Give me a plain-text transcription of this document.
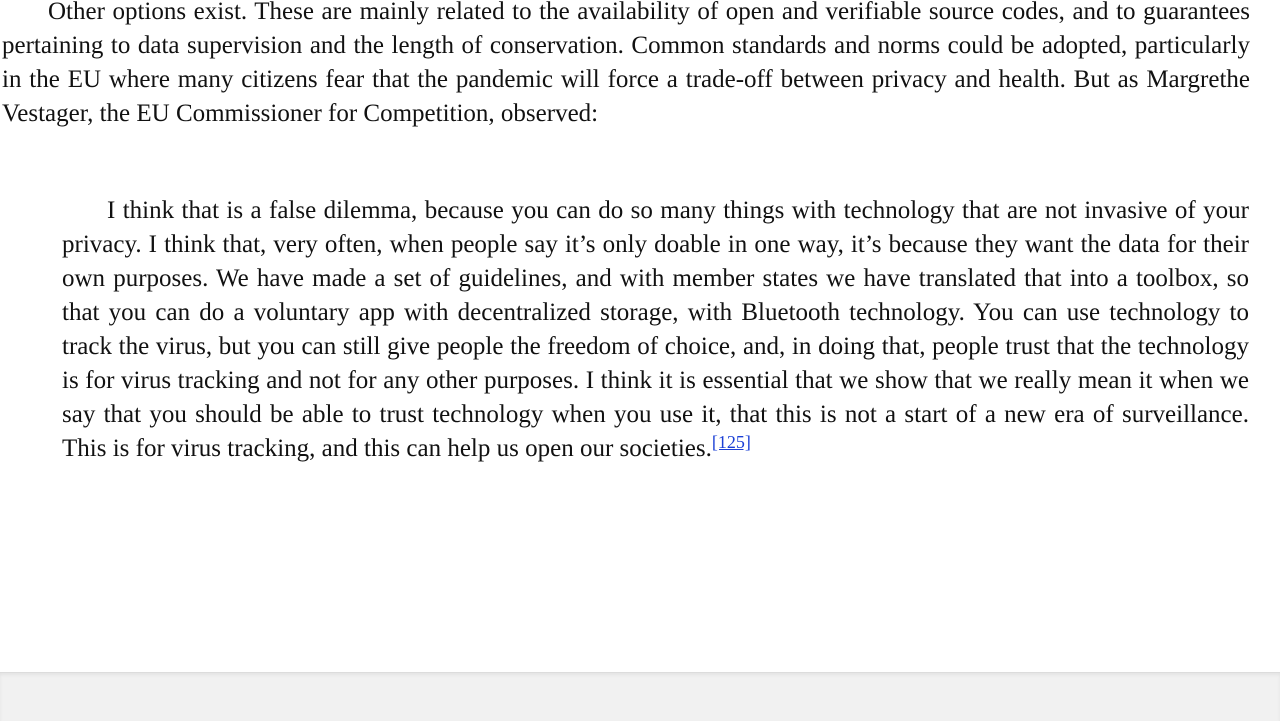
Other options exist. These are mainly related to the availability of open and verifiable source codes, and to guarantees pertaining to data supervision and the length of conservation. Common standards and norms could be adopted, particularly in the EU where many citizens fear that the pandemic will force a trade-off between privacy and health. But as Margrethe Vestager, the EU Commissioner for Competition, observed:

I think that is a false dilemma, because you can do so many things with technology that are not invasive of your privacy. I think that, very often, when people say it’s only doable in one way, it’s because they want the data for their own purposes. We have made a set of guidelines, and with member states we have translated that into a toolbox, so that you can do a voluntary app with decentralized storage, with Bluetooth technology. You can use technology to track the virus, but you can still give people the freedom of choice, and, in doing that, people trust that the technology is for virus tracking and not for any other purposes. I think it is essential that we show that we really mean it when we say that you should be able to trust technology when you use it, that this is not a start of a new era of surveillance. This is for virus tracking, and this can help us open our societies.[125]
